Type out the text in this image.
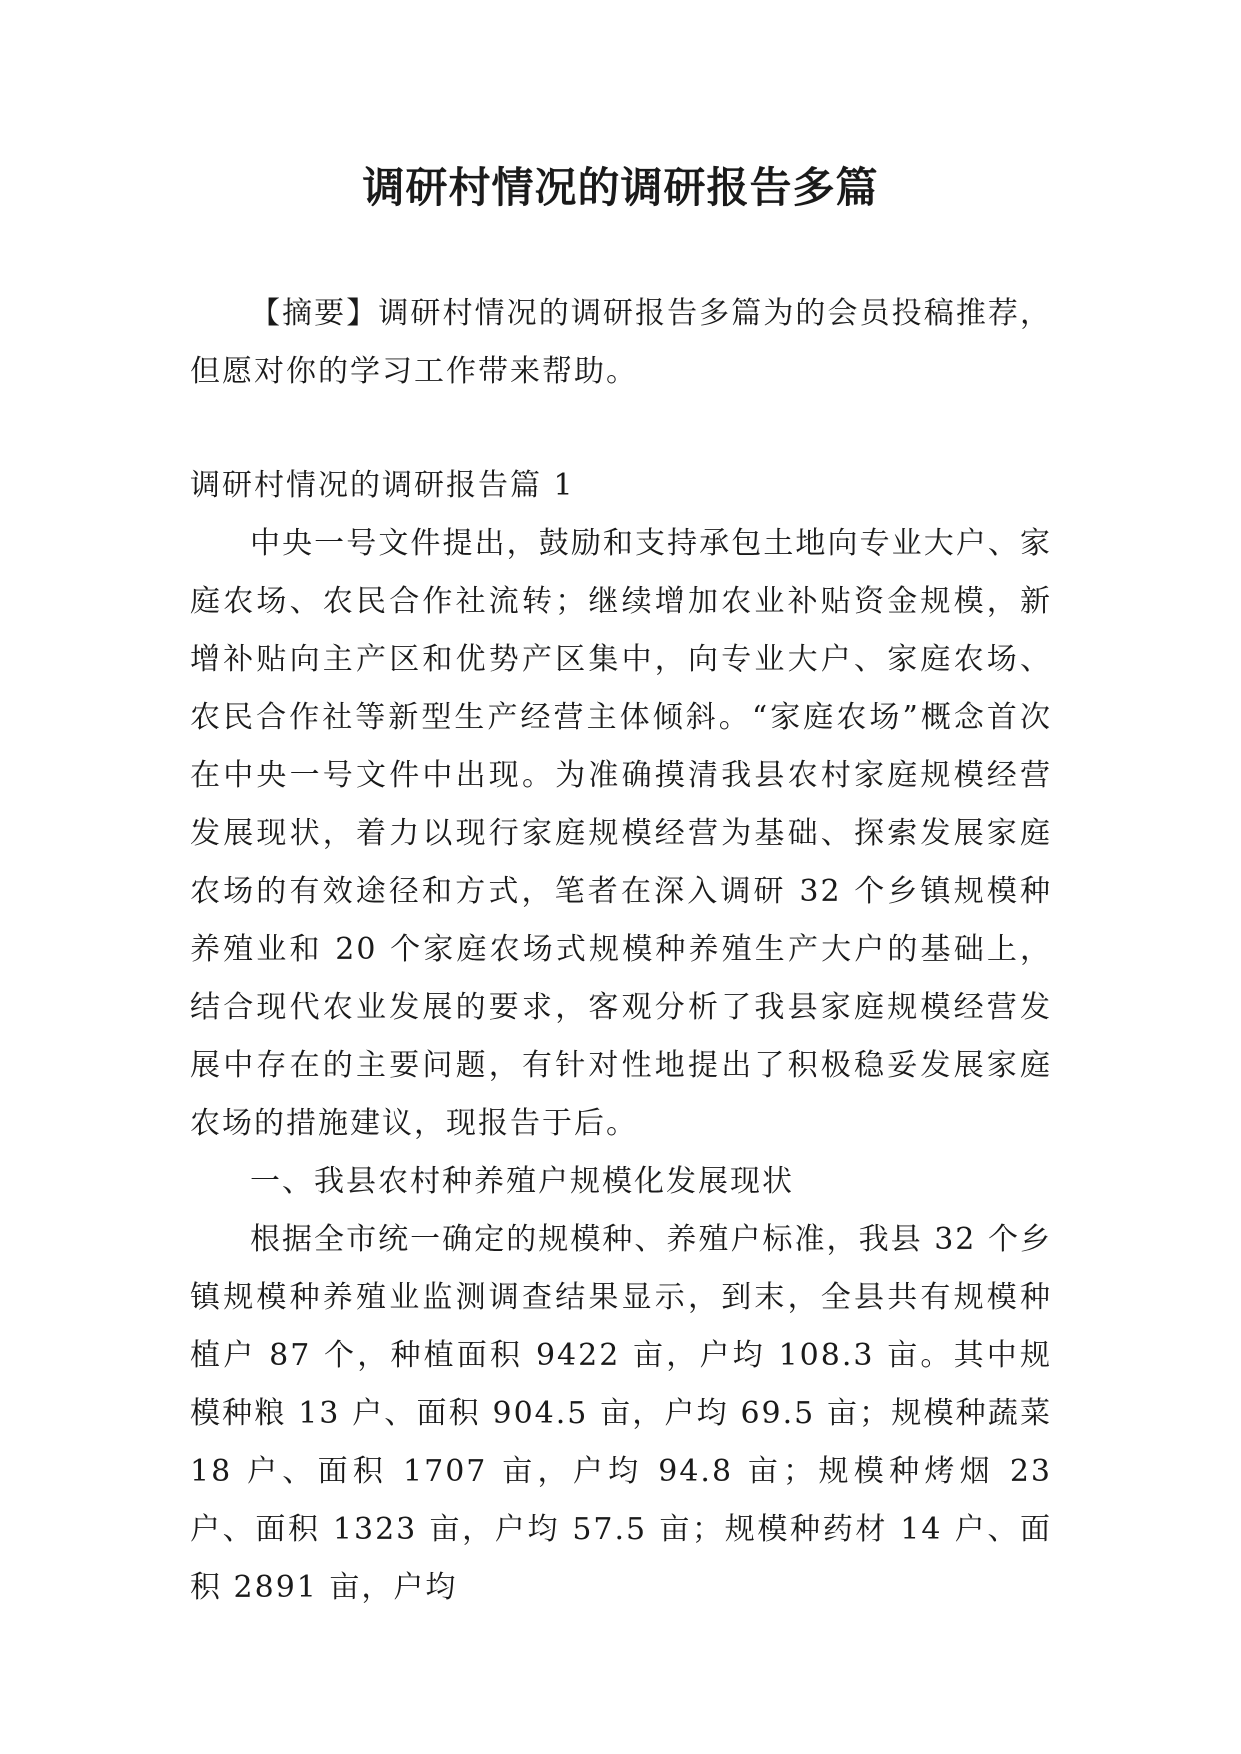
调研村情况的调研报告多篇

【摘要】调研村情况的调研报告多篇为的会员投稿推荐，但愿对你的学习工作带来帮助。

调研村情况的调研报告篇 1

中央一号文件提出，鼓励和支持承包土地向专业大户、家庭农场、农民合作社流转；继续增加农业补贴资金规模，新增补贴向主产区和优势产区集中，向专业大户、家庭农场、农民合作社等新型生产经营主体倾斜。“家庭农场”概念首次在中央一号文件中出现。为准确摸清我县农村家庭规模经营发展现状，着力以现行家庭规模经营为基础、探索发展家庭农场的有效途径和方式，笔者在深入调研 32 个乡镇规模种养殖业和 20 个家庭农场式规模种养殖生产大户的基础上，结合现代农业发展的要求，客观分析了我县家庭规模经营发展中存在的主要问题，有针对性地提出了积极稳妥发展家庭农场的措施建议，现报告于后。

一、我县农村种养殖户规模化发展现状

根据全市统一确定的规模种、养殖户标准，我县 32 个乡镇规模种养殖业监测调查结果显示，到末，全县共有规模种植户 87 个，种植面积 9422 亩，户均 108.3 亩。其中规模种粮 13 户、面积 904.5 亩，户均 69.5 亩；规模种蔬菜 18 户、面积 1707 亩，户均 94.8 亩；规模种烤烟 23 户、面积 1323 亩，户均 57.5 亩；规模种药材 14 户、面积 2891 亩，户均
